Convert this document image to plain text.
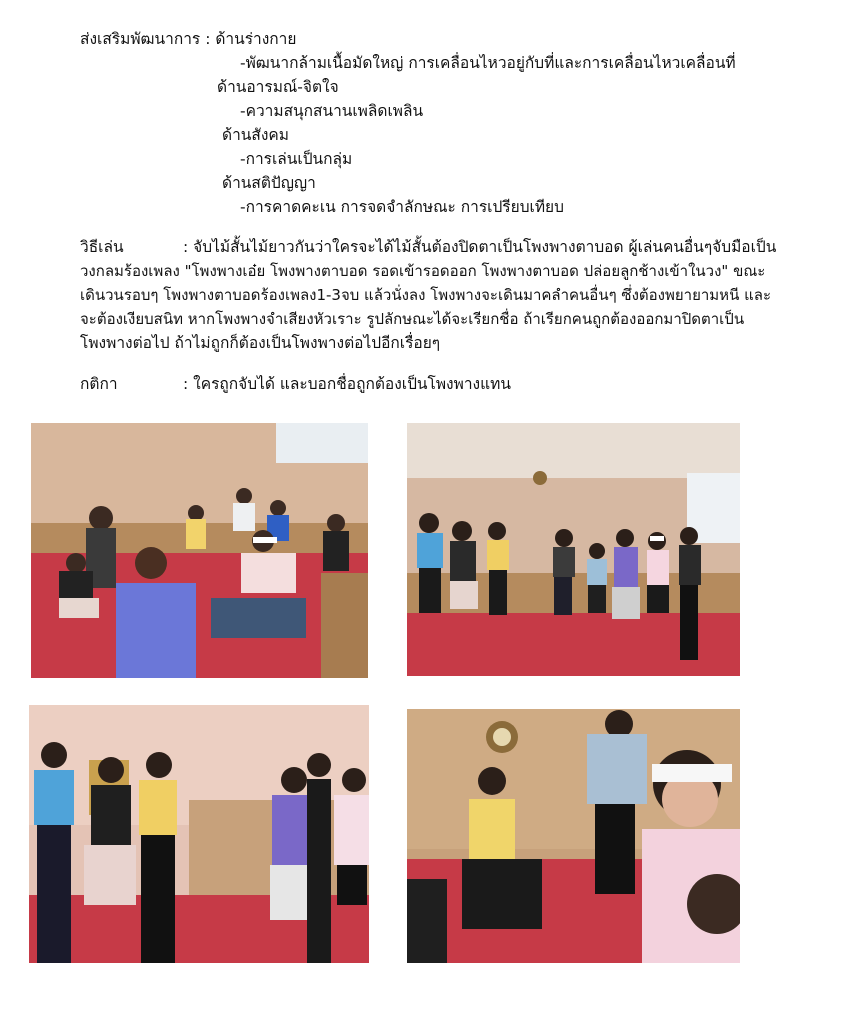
ส่งเสริมพัฒนาการ : ด้านร่างกาย
-พัฒนากล้ามเนื้อมัดใหญ่ การเคลื่อนไหวอยู่กับที่และการเคลื่อนไหวเคลื่อนที่
ด้านอารมณ์-จิตใจ
-ความสนุกสนานเพลิดเพลิน
ด้านสังคม
-การเล่นเป็นกลุ่ม
ด้านสติปัญญา
-การคาดคะเน การจดจำลักษณะ การเปรียบเทียบ
วิธีเล่น	: จับไม้สั้นไม้ยาวกันว่าใครจะได้ไม้สั้นต้องปิดตาเป็นโพงพางตาบอด ผู้เล่นคนอื่นๆจับมือเป็น
วงกลมร้องเพลง "โพงพางเอ๋ย โพงพางตาบอด รอดเข้ารอดออก โพงพางตาบอด ปล่อยลูกช้างเข้าในวง" ขณะ
เดินวนรอบๆ โพงพางตาบอดร้องเพลง1-3จบ แล้วนั่งลง โพงพางจะเดินมาคลำคนอื่นๆ ซึ่งต้องพยายามหนี และ
จะต้องเงียบสนิท หากโพงพางจำเสียงหัวเราะ รูปลักษณะได้จะเรียกชื่อ ถ้าเรียกคนถูกต้องออกมาปิดตาเป็น
โพงพางต่อไป ถ้าไม่ถูกก็ต้องเป็นโพงพางต่อไปอีกเรื่อยๆ
กติกา	: ใครถูกจับได้ และบอกชื่อถูกต้องเป็นโพงพางแทน
